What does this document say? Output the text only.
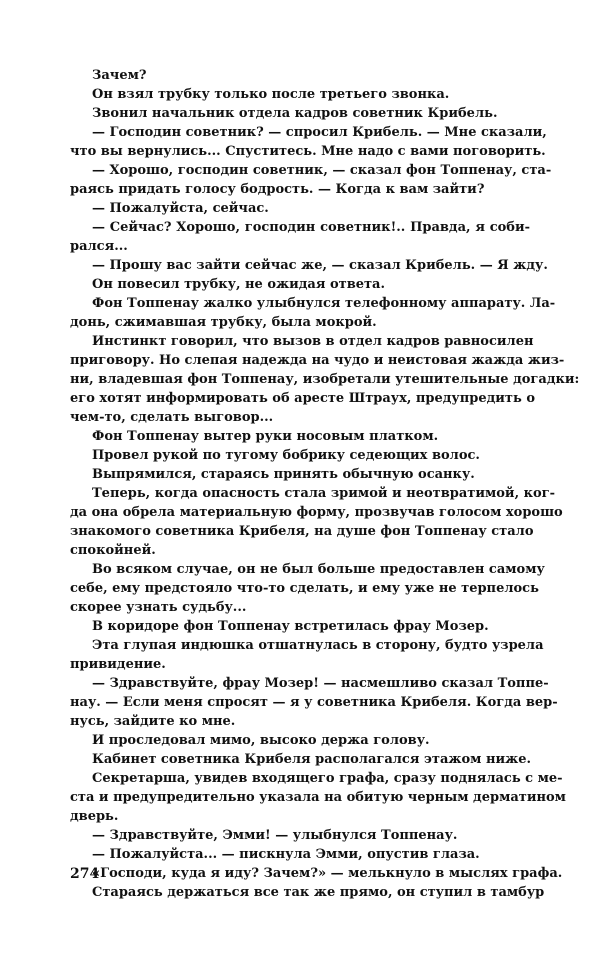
Зачем?
Он взял трубку только после третьего звонка.
Звонил начальник отдела кадров советник Крибель.
— Господин советник? — спросил Крибель. — Мне сказали,
что вы вернулись... Спуститесь. Мне надо с вами поговорить.
— Хорошо, господин советник, — сказал фон Топпенау, ста-
раясь придать голосу бодрость. — Когда к вам зайти?
— Пожалуйста, сейчас.
— Сейчас? Хорошо, господин советник!.. Правда, я соби-
рался...
— Прошу вас зайти сейчас же, — сказал Крибель. — Я жду.
Он повесил трубку, не ожидая ответа.
Фон Топпенау жалко улыбнулся телефонному аппарату. Ла-
донь, сжимавшая трубку, была мокрой.
Инстинкт говорил, что вызов в отдел кадров равносилен
приговору. Но слепая надежда на чудо и неистовая жажда жиз-
ни, владевшая фон Топпенау, изобретали утешительные догадки:
его хотят информировать об аресте Штраух, предупредить о
чем-то, сделать выговор...
Фон Топпенау вытер руки носовым платком.
Провел рукой по тугому бобрику седеющих волос.
Выпрямился, стараясь принять обычную осанку.
Теперь, когда опасность стала зримой и неотвратимой, ког-
да она обрела материальную форму, прозвучав голосом хорошо
знакомого советника Крибеля, на душе фон Топпенау стало
спокойней.
Во всяком случае, он не был больше предоставлен самому
себе, ему предстояло что-то сделать, и ему уже не терпелось
скорее узнать судьбу...
В коридоре фон Топпенау встретилась фрау Мозер.
Эта глупая индюшка отшатнулась в сторону, будто узрела
привидение.
— Здравствуйте, фрау Мозер! — насмешливо сказал Топпе-
нау. — Если меня спросят — я у советника Крибеля. Когда вер-
нусь, зайдите ко мне.
И проследовал мимо, высоко держа голову.
Кабинет советника Крибеля располагался этажом ниже.
Секретарша, увидев входящего графа, сразу поднялась с ме-
ста и предупредительно указала на обитую черным дерматином
дверь.
— Здравствуйте, Эмми! — улыбнулся Топпенау.
— Пожалуйста... — пискнула Эмми, опустив глаза.
«Господи, куда я иду? Зачем?» — мелькнуло в мыслях графа.
Стараясь держаться все так же прямо, он ступил в тамбур
274
